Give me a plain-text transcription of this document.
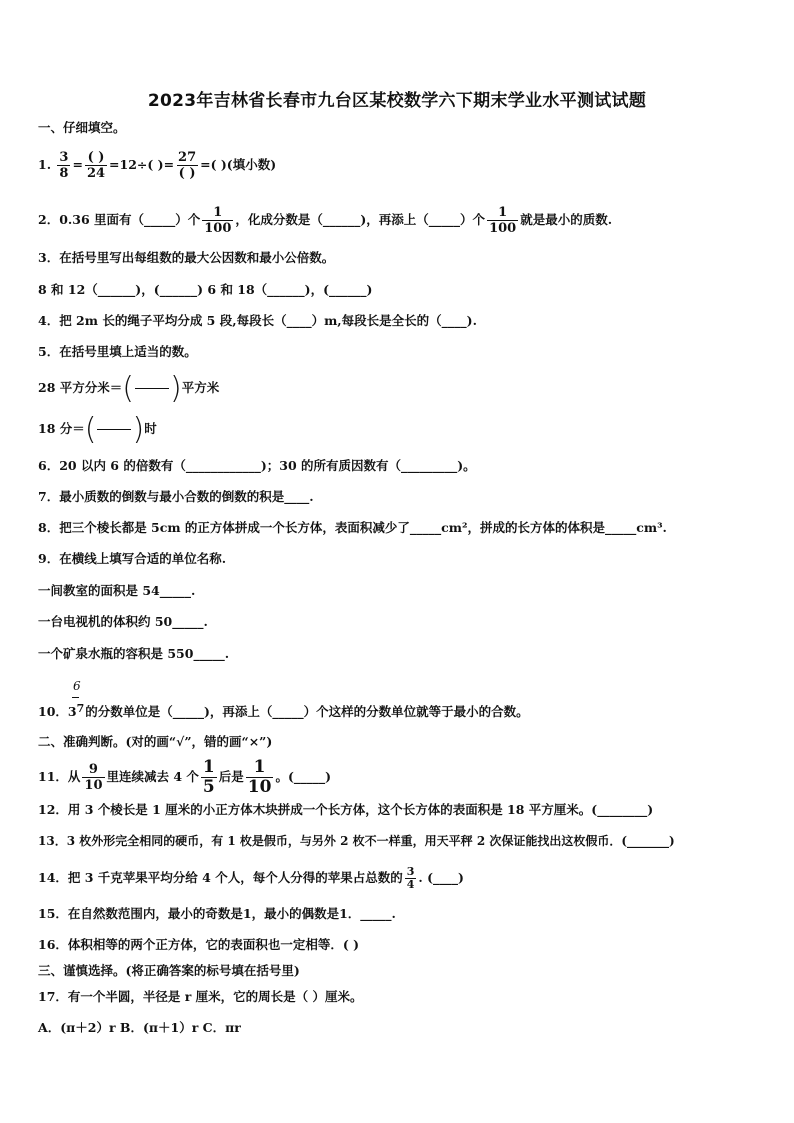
2023年吉林省长春市九台区某校数学六下期末学业水平测试试题
一、仔细填空。
1. $\frac{3}{8} = \frac{( )}{24} =12\div$( )= $\frac{27}{( )}$ =( )(填小数)
2．0.36 里面有（_____）个 $\frac{1}{100}$ ，化成分数是（______)，再添上（_____）个 $\frac{1}{100}$ 就是最小的质数.
3．在括号里写出每组数的最大公因数和最小公倍数。
8 和 12（______)，(______) 6 和 18（______)，(______)
4．把 2m 长的绳子平均分成 5 段,每段长（____）m,每段长是全长的（____).
5．在括号里填上适当的数。
28 平方分米＝( )平方米
18 分＝( )时
6．20 以内 6 的倍数有（____________)；30 的所有质因数有（_________)。
7．最小质数的倒数与最小合数的倒数的积是____.
8．把三个棱长都是 5cm 的正方体拼成一个长方体，表面积减少了_____cm²，拼成的长方体的体积是_____cm³.
9．在横线上填写合适的单位名称.
一间教室的面积是 54_____.
一台电视机的体积约 50_____.
一个矿泉水瓶的容积是 550_____.
6
10．37的分数单位是（_____)，再添上（_____）个这样的分数单位就等于最小的合数。
二、准确判断。(对的画“√”，错的画“×”)
11．从 $\frac{9}{10}$ 里连续减去 4 个 $\frac{1}{5}$ 后是 $\frac{1}{10}$ 。(_____)
12．用 3 个棱长是 1 厘米的小正方体木块拼成一个长方体，这个长方体的表面积是 18 平方厘米。(________)
13．3 枚外形完全相同的硬币，有 1 枚是假币，与另外 2 枚不一样重，用天平秤 2 次保证能找出这枚假币．(_______)
14．把 3 千克苹果平均分给 4 个人，每个人分得的苹果占总数的 $\frac{3}{4}$ . (____)
15．在自然数范围内，最小的奇数是1，最小的偶数是1．_____.
16．体积相等的两个正方体，它的表面积也一定相等．( )
三、谨慎选择。(将正确答案的标号填在括号里)
17．有一个半圆，半径是 r 厘米，它的周长是（ ）厘米。
A．(π＋2）r B．(π＋1）r C．πr
